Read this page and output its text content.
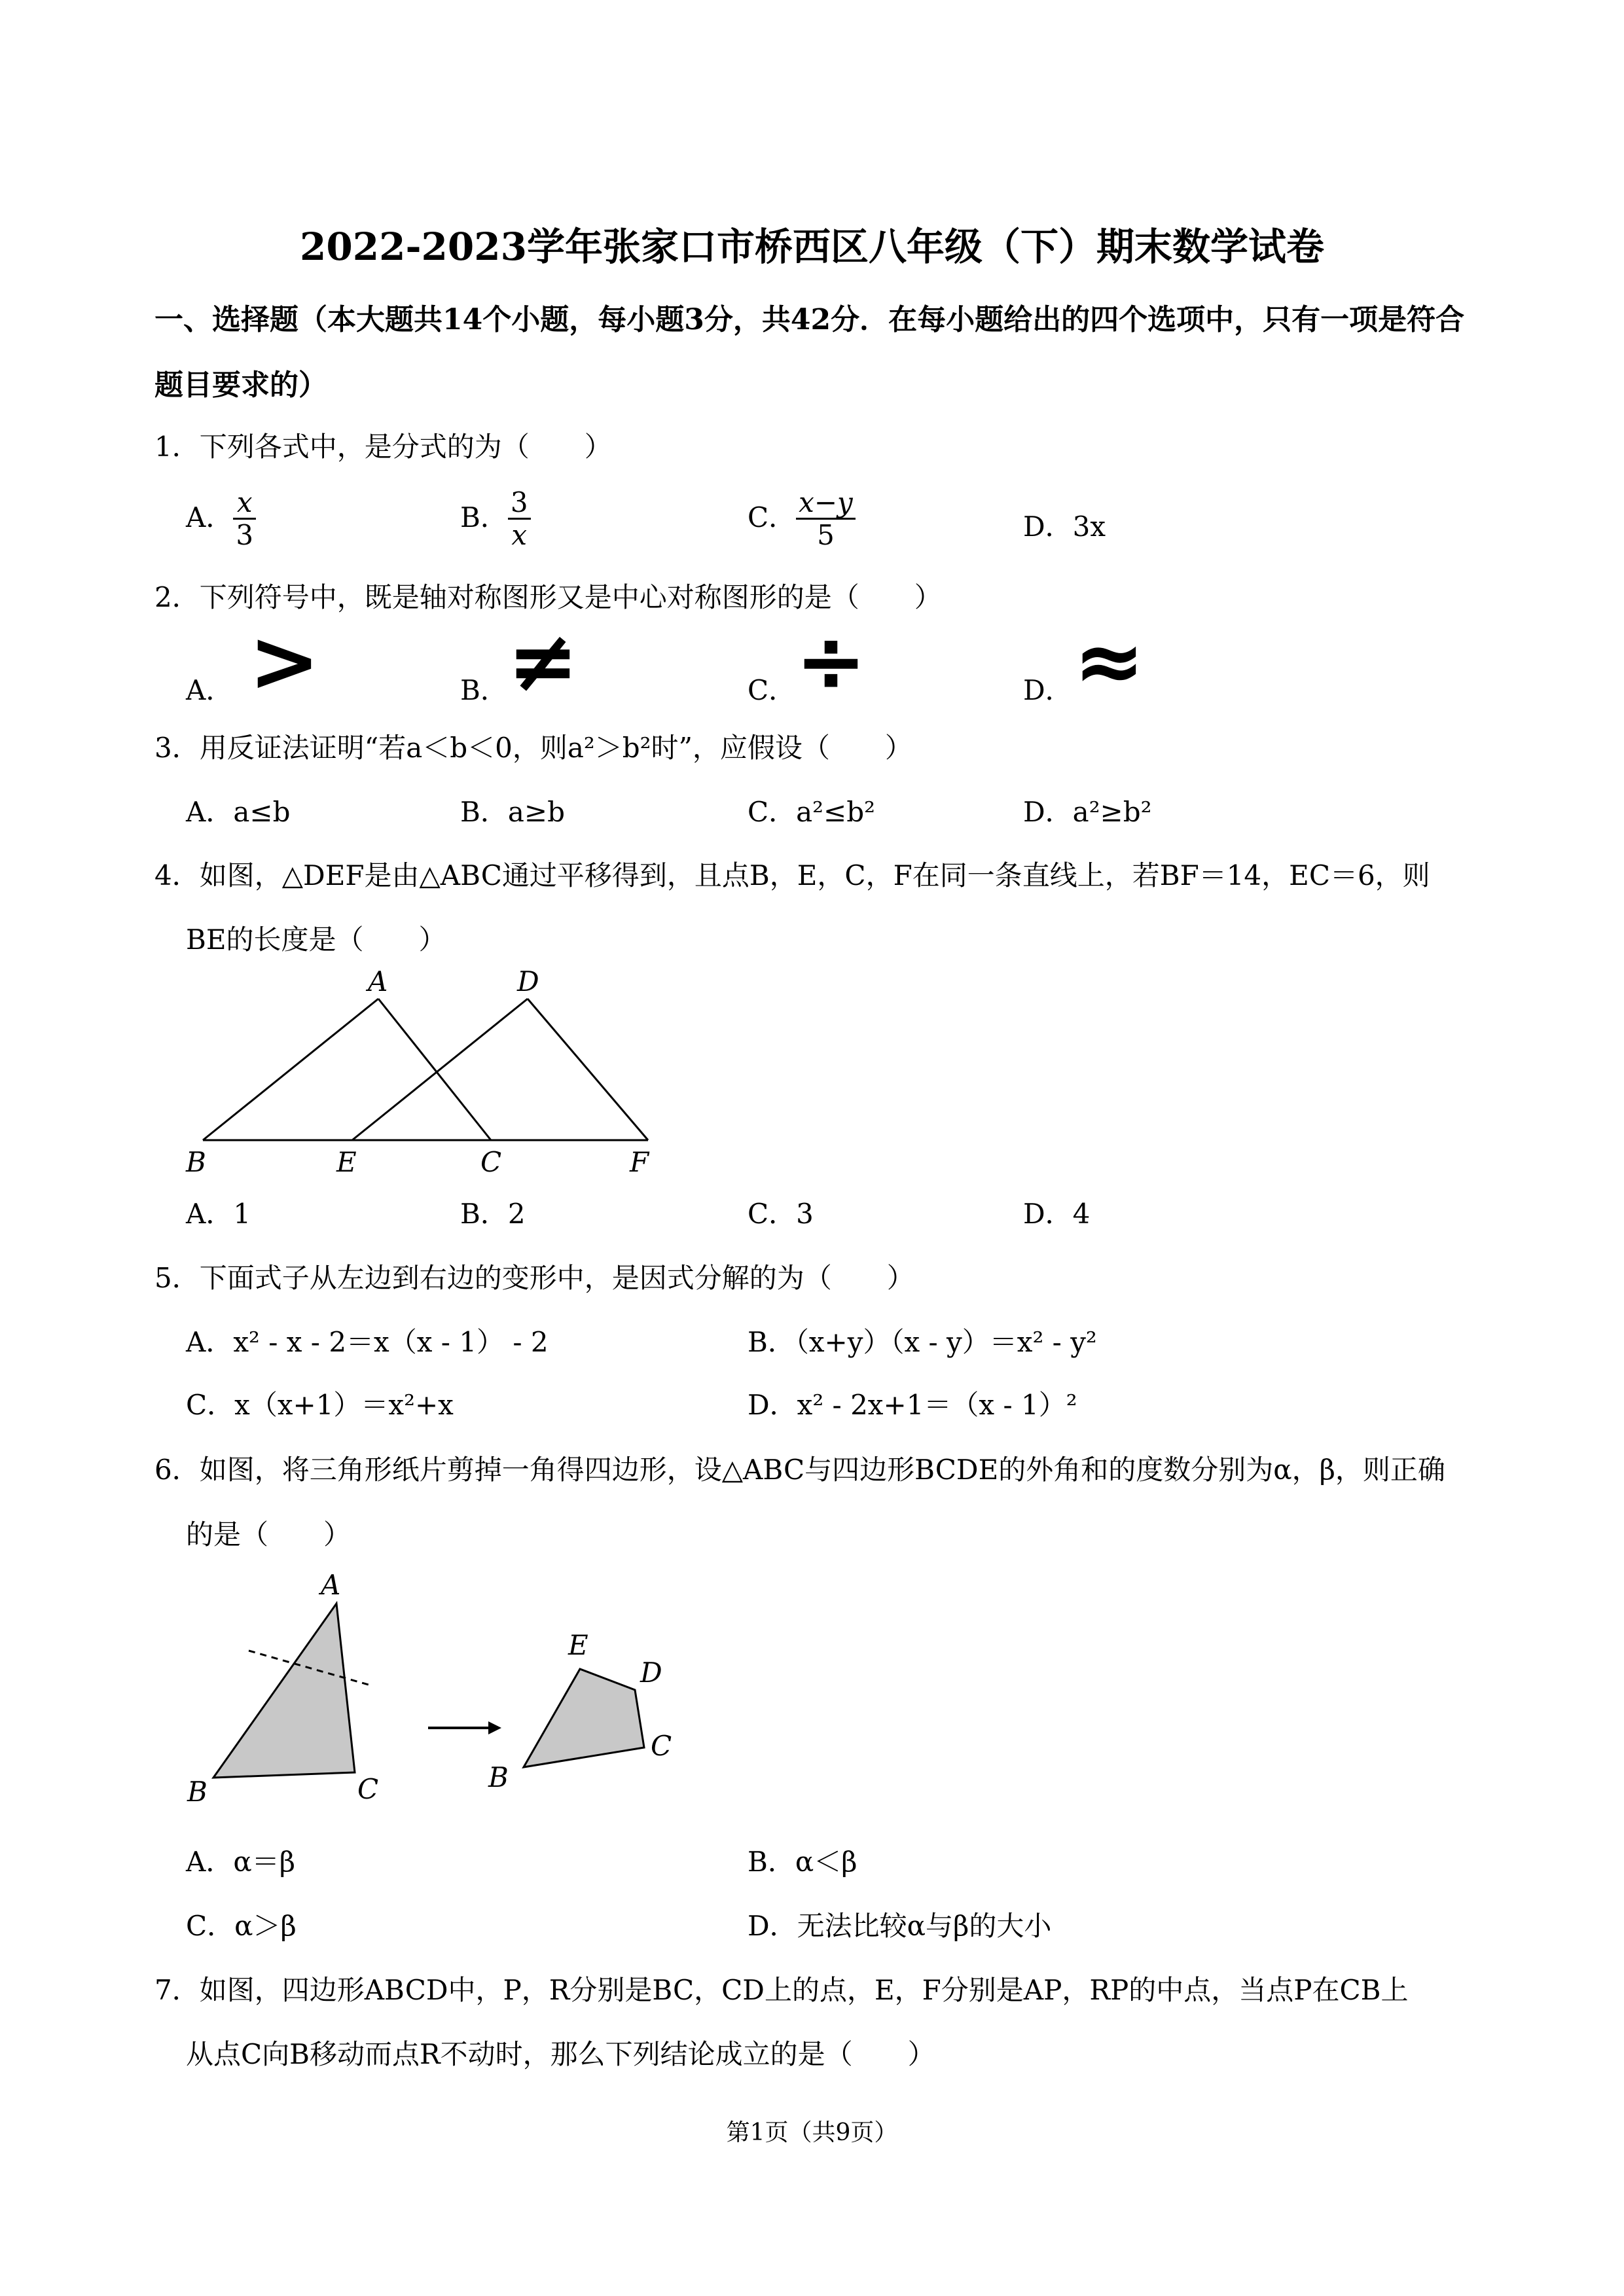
2022-2023学年张家口市桥西区八年级（下）期末数学试卷
一、选择题（本大题共14个小题，每小题3分，共42分．在每小题给出的四个选项中，只有一项是符合
题目要求的）
1．下列各式中，是分式的为（　　）
A． $\frac{x}{3}$	B． $\frac{3}{x}$	C． $\frac{x-y}{5}$	D．3x
2．下列符号中，既是轴对称图形又是中心对称图形的是（　　）
A． >	B． ≠	C．
÷	D． ≈
3．用反证法证明“若a＜b＜0，则a²＞b²时”，应假设（　　）
A．a≤b	B．a≥b	C．a²≤b²	D．a²≥b²
4．如图，△DEF是由△ABC通过平移得到，且点B，E，C，F在同一条直线上，若BF＝14，EC＝6，则
BE的长度是（　　）
A	D
B	E	C	F
A．1	B．2	C．3	D．4
5．下面式子从左边到右边的变形中，是因式分解的为（　　）
A．x² - x - 2＝x（x - 1） - 2	B．（x+y）（x - y）＝x² - y²
C．x（x+1）＝x²+x	D．x² - 2x+1＝（x - 1）²
6．如图，将三角形纸片剪掉一角得四边形，设△ABC与四边形BCDE的外角和的度数分别为α，β，则正确
的是（　　）
A
B	C
E
D
B
C
A．α＝β	B．α＜β
C．α＞β	D．无法比较α与β的大小
7．如图，四边形ABCD中，P，R分别是BC，CD上的点，E，F分别是AP，RP的中点，当点P在CB上
从点C向B移动而点R不动时，那么下列结论成立的是（　　）
第1页（共9页）
